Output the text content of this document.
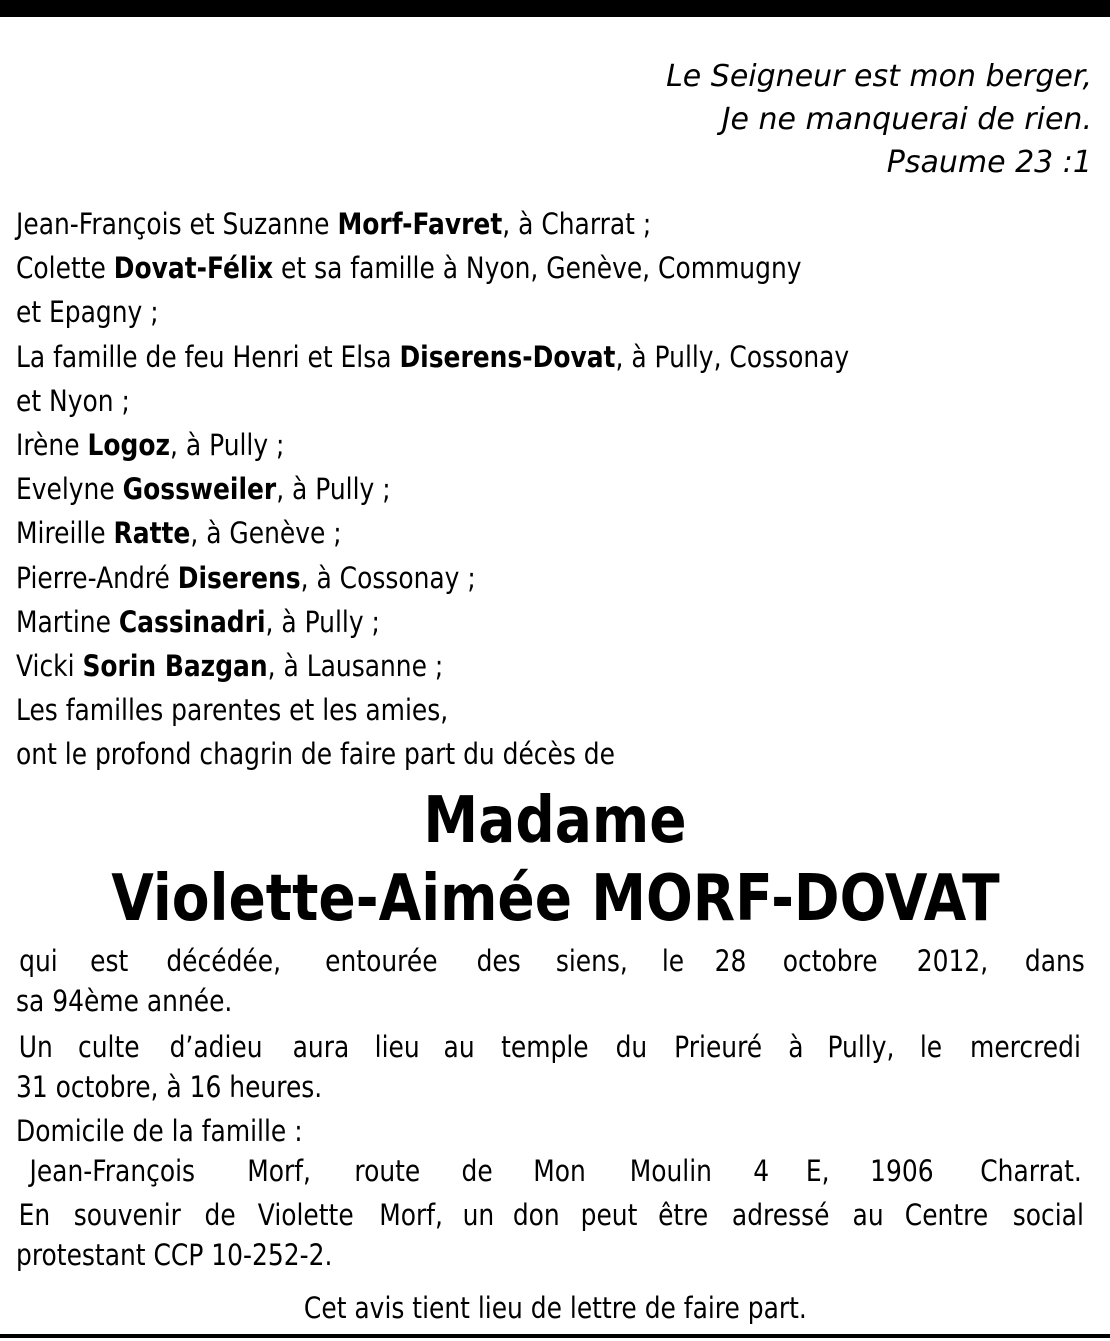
Le Seigneur est mon berger,
Je ne manquerai de rien.
Psaume 23 :1
Jean-François et Suzanne Morf-Favret, à Charrat ;
Colette Dovat-Félix et sa famille à Nyon, Genève, Commugny
et Epagny ;
La famille de feu Henri et Elsa Diserens-Dovat, à Pully, Cossonay
et Nyon ;
Irène Logoz, à Pully ;
Evelyne Gossweiler, à Pully ;
Mireille Ratte, à Genève ;
Pierre-André Diserens, à Cossonay ;
Martine Cassinadri, à Pully ;
Vicki Sorin Bazgan, à Lausanne ;
Les familles parentes et les amies,
ont le profond chagrin de faire part du décès de
Madame
Violette-Aimée MORF-DOVAT
qui est décédée, entourée des siens, le 28 octobre 2012, dans
sa 94ème année.
Un culte d’adieu aura lieu au temple du Prieuré à Pully, le mercredi
31 octobre, à 16 heures.
Domicile de la famille :
Jean-François Morf, route de Mon Moulin 4 E, 1906 Charrat.
En souvenir de Violette Morf, un don peut être adressé au Centre social
protestant CCP 10-252-2.
Cet avis tient lieu de lettre de faire part.
